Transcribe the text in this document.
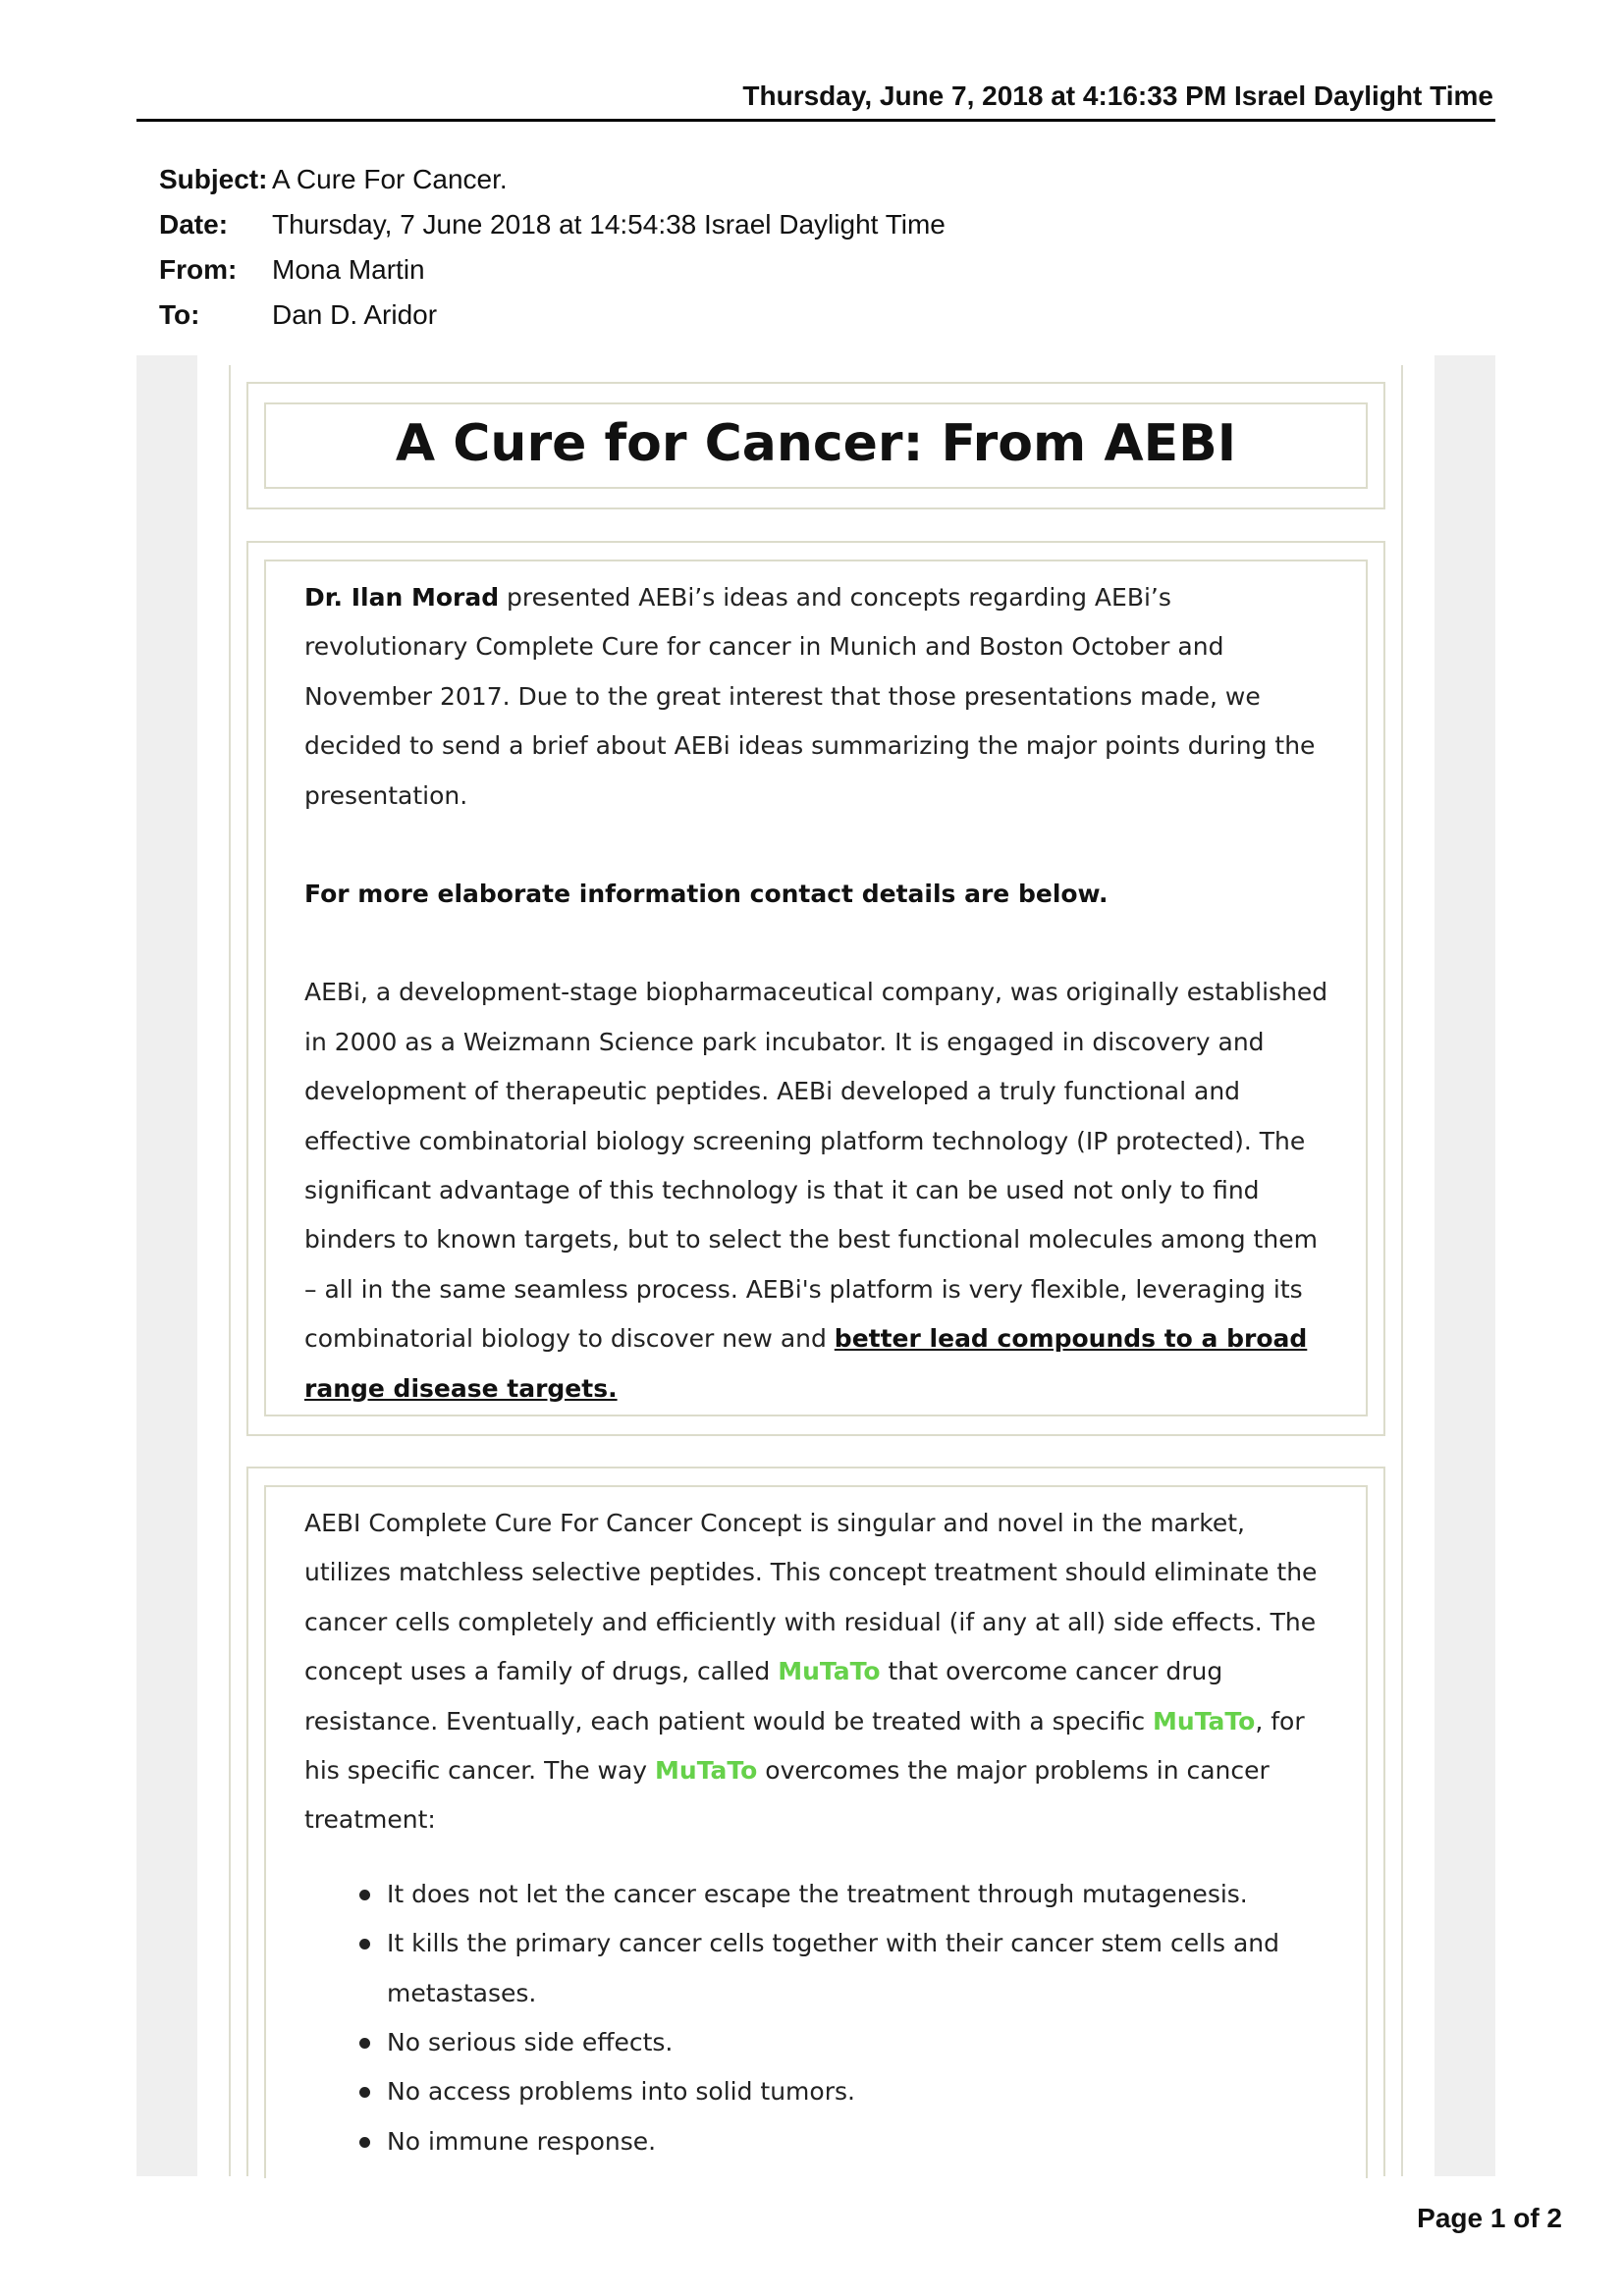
Thursday, June 7, 2018 at 4:16:33 PM Israel Daylight Time
Subject: A Cure For Cancer.
Date:	Thursday, 7 June 2018 at 14:54:38 Israel Daylight Time
From:	Mona Martin
To:	Dan D. Aridor
A Cure for Cancer: From AEBI
Dr. Ilan Morad presented AEBi’s ideas and concepts regarding AEBi’s revolutionary Complete Cure for cancer in Munich and Boston October and November 2017. Due to the great interest that those presentations made, we decided to send a brief about AEBi ideas summarizing the major points during the presentation.
For more elaborate information contact details are below.
AEBi, a development-stage biopharmaceutical company, was originally established in 2000 as a Weizmann Science park incubator. It is engaged in discovery and development of therapeutic peptides. AEBi developed a truly functional and effective combinatorial biology screening platform technology (IP protected). The significant advantage of this technology is that it can be used not only to find binders to known targets, but to select the best functional molecules among them – all in the same seamless process. AEBi's platform is very flexible, leveraging its combinatorial biology to discover new and better lead compounds to a broad range disease targets.
AEBI Complete Cure For Cancer Concept is singular and novel in the market, utilizes matchless selective peptides. This concept treatment should eliminate the cancer cells completely and efficiently with residual (if any at all) side effects. The concept uses a family of drugs, called MuTaTo that overcome cancer drug resistance. Eventually, each patient would be treated with a specific MuTaTo, for his specific cancer. The way MuTaTo overcomes the major problems in cancer treatment:
It does not let the cancer escape the treatment through mutagenesis.
It kills the primary cancer cells together with their cancer stem cells and metastases.
No serious side effects.
No access problems into solid tumors.
No immune response.
Page 1 of 2
